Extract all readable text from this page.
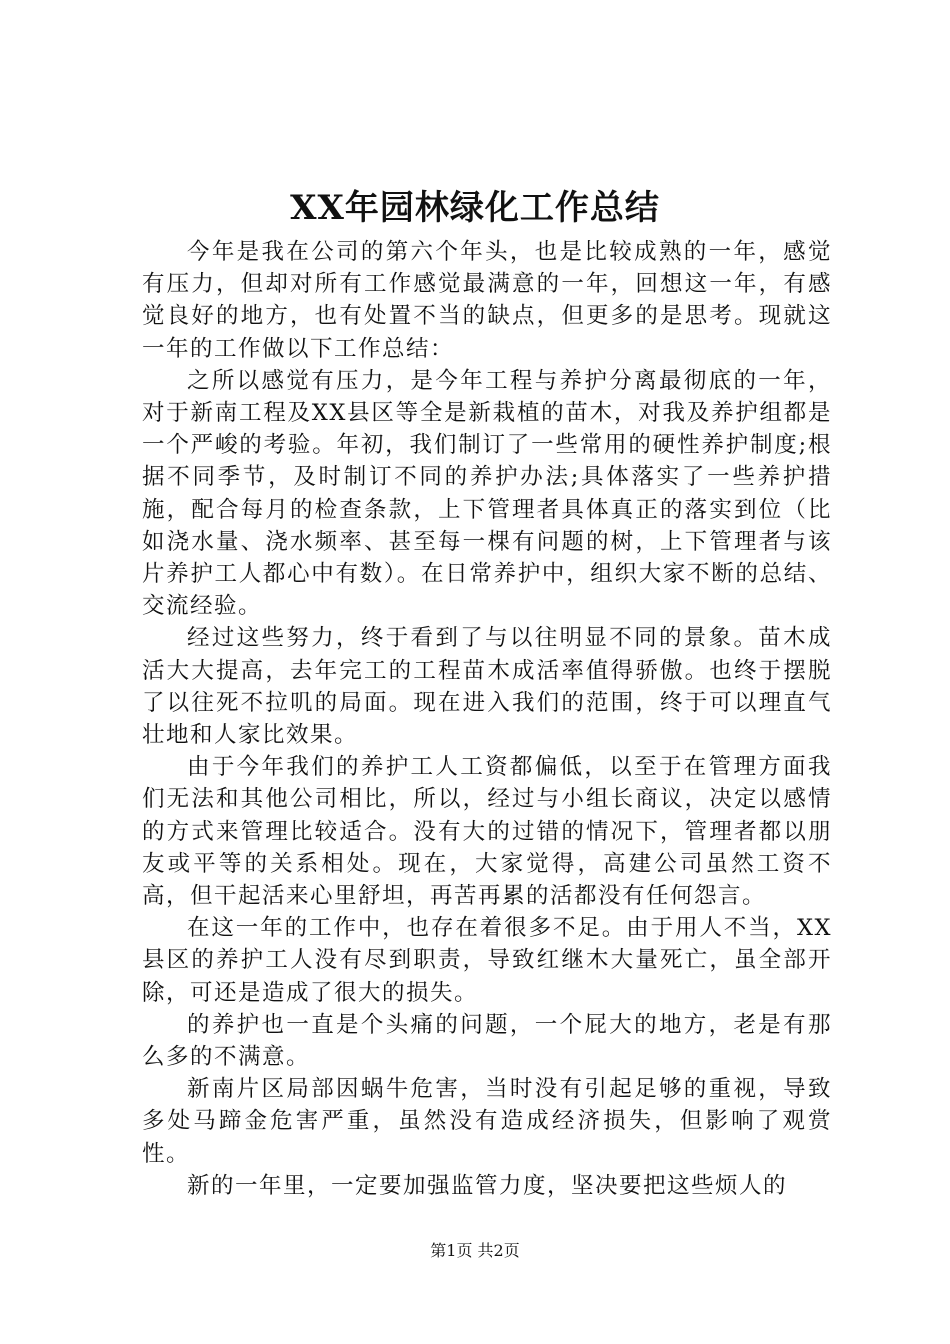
XX年园林绿化工作总结

今年是我在公司的第六个年头，也是比较成熟的一年，感觉有压力，但却对所有工作感觉最满意的一年，回想这一年，有感觉良好的地方，也有处置不当的缺点，但更多的是思考。现就这一年的工作做以下工作总结：

之所以感觉有压力，是今年工程与养护分离最彻底的一年，对于新南工程及XX县区等全是新栽植的苗木，对我及养护组都是一个严峻的考验。年初，我们制订了一些常用的硬性养护制度;根据不同季节，及时制订不同的养护办法;具体落实了一些养护措施，配合每月的检查条款，上下管理者具体真正的落实到位（比如浇水量、浇水频率、甚至每一棵有问题的树，上下管理者与该片养护工人都心中有数）。在日常养护中，组织大家不断的总结、交流经验。

经过这些努力，终于看到了与以往明显不同的景象。苗木成活大大提高，去年完工的工程苗木成活率值得骄傲。也终于摆脱了以往死不拉叽的局面。现在进入我们的范围，终于可以理直气壮地和人家比效果。

由于今年我们的养护工人工资都偏低，以至于在管理方面我们无法和其他公司相比，所以，经过与小组长商议，决定以感情的方式来管理比较适合。没有大的过错的情况下，管理者都以朋友或平等的关系相处。现在，大家觉得，高建公司虽然工资不高，但干起活来心里舒坦，再苦再累的活都没有任何怨言。

在这一年的工作中，也存在着很多不足。由于用人不当，XX县区的养护工人没有尽到职责，导致红继木大量死亡，虽全部开除，可还是造成了很大的损失。

的养护也一直是个头痛的问题，一个屁大的地方，老是有那么多的不满意。

新南片区局部因蜗牛危害，当时没有引起足够的重视，导致多处马蹄金危害严重，虽然没有造成经济损失，但影响了观赏性。

新的一年里，一定要加强监管力度，坚决要把这些烦人的

第1页 共2页
